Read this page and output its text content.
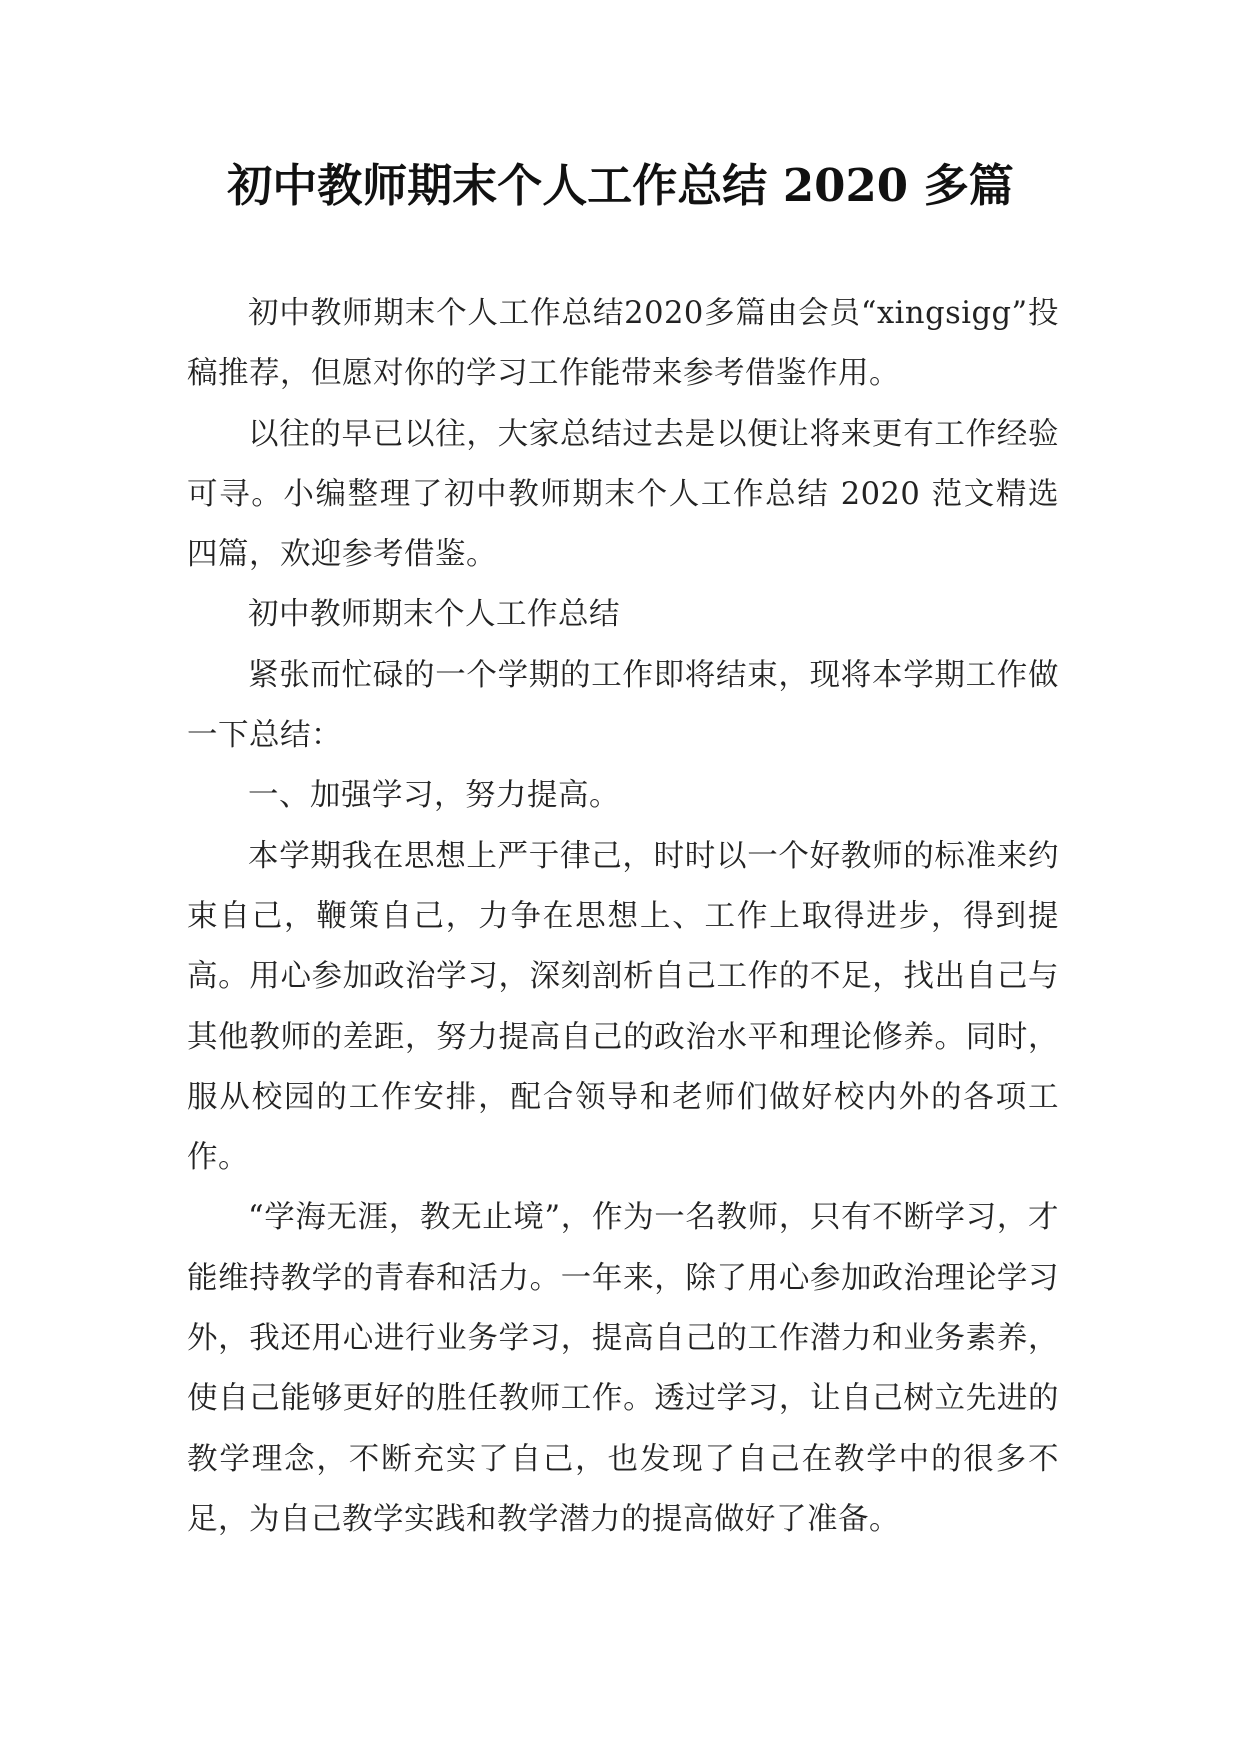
初中教师期末个人工作总结 2020 多篇

初中教师期末个人工作总结2020多篇由会员“xingsigg”投稿推荐，但愿对你的学习工作能带来参考借鉴作用。

以往的早已以往，大家总结过去是以便让将来更有工作经验可寻。小编整理了初中教师期末个人工作总结 2020 范文精选四篇，欢迎参考借鉴。

初中教师期末个人工作总结

紧张而忙碌的一个学期的工作即将结束，现将本学期工作做一下总结：

一、加强学习，努力提高。

本学期我在思想上严于律己，时时以一个好教师的标准来约束自己，鞭策自己，力争在思想上、工作上取得进步，得到提高。用心参加政治学习，深刻剖析自己工作的不足，找出自己与其他教师的差距，努力提高自己的政治水平和理论修养。同时，服从校园的工作安排，配合领导和老师们做好校内外的各项工作。

“学海无涯，教无止境”，作为一名教师，只有不断学习，才能维持教学的青春和活力。一年来，除了用心参加政治理论学习外，我还用心进行业务学习，提高自己的工作潜力和业务素养，使自己能够更好的胜任教师工作。透过学习，让自己树立先进的教学理念，不断充实了自己，也发现了自己在教学中的很多不足，为自己教学实践和教学潜力的提高做好了准备。
